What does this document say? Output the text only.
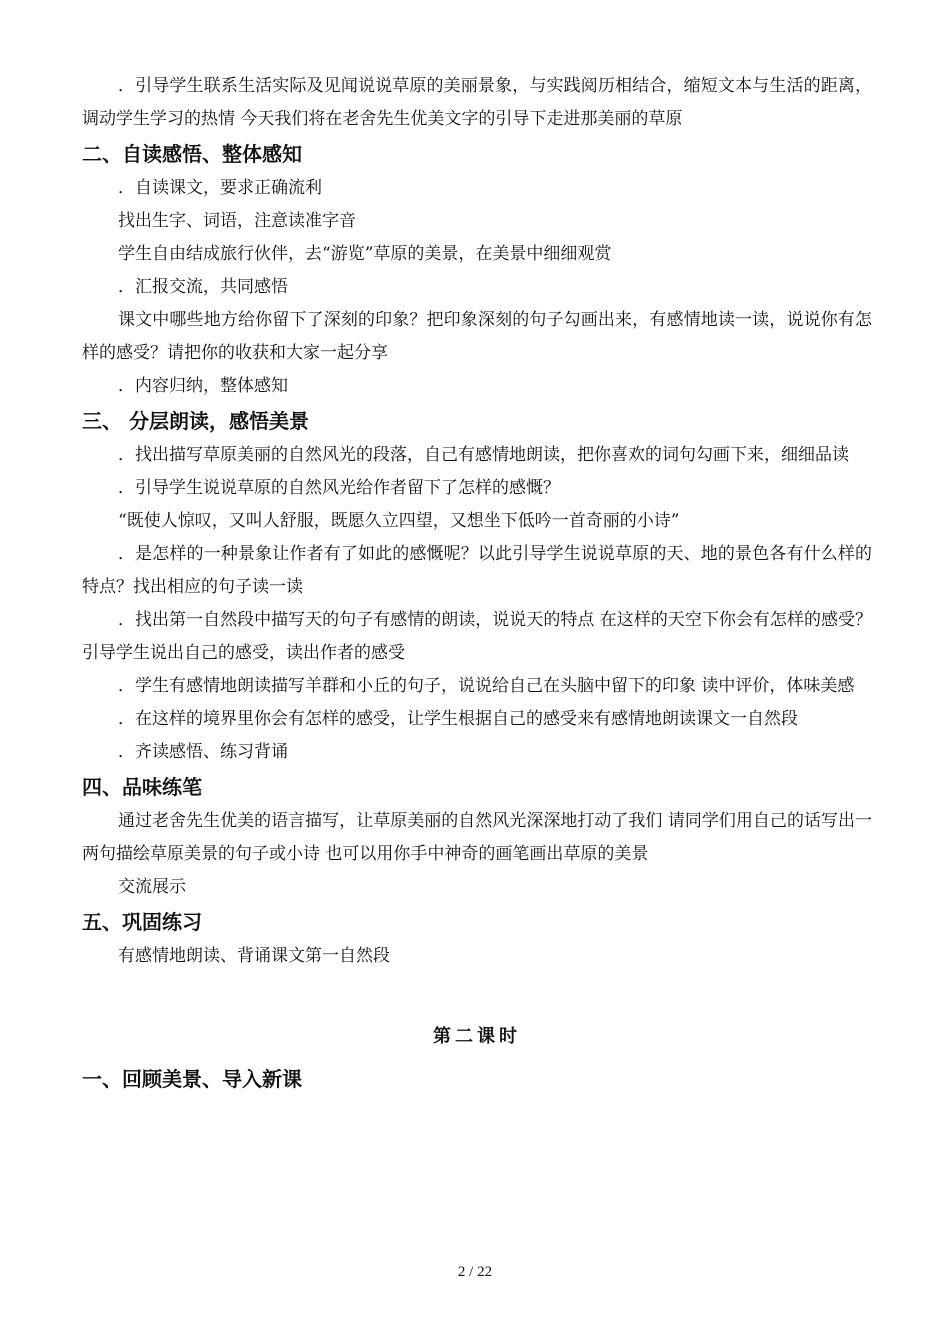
．引导学生联系生活实际及见闻说说草原的美丽景象，与实践阅历相结合，缩短文本与生活的距离，调动学生学习的热情 今天我们将在老舍先生优美文字的引导下走进那美丽的草原

二、自读感悟、整体感知

．自读课文，要求正确流利

找出生字、词语，注意读准字音

学生自由结成旅行伙伴，去“游览”草原的美景，在美景中细细观赏

．汇报交流，共同感悟

课文中哪些地方给你留下了深刻的印象？把印象深刻的句子勾画出来，有感情地读一读，说说你有怎样的感受？请把你的收获和大家一起分享

．内容归纳，整体感知

三、 分层朗读，感悟美景

．找出描写草原美丽的自然风光的段落，自己有感情地朗读，把你喜欢的词句勾画下来，细细品读

．引导学生说说草原的自然风光给作者留下了怎样的感慨？

“既使人惊叹，又叫人舒服，既愿久立四望，又想坐下低吟一首奇丽的小诗”

．是怎样的一种景象让作者有了如此的感慨呢？以此引导学生说说草原的天、地的景色各有什么样的特点？找出相应的句子读一读

．找出第一自然段中描写天的句子有感情的朗读，说说天的特点 在这样的天空下你会有怎样的感受？引导学生说出自己的感受，读出作者的感受

．学生有感情地朗读描写羊群和小丘的句子，说说给自己在头脑中留下的印象 读中评价，体味美感

．在这样的境界里你会有怎样的感受，让学生根据自己的感受来有感情地朗读课文一自然段

．齐读感悟、练习背诵

四、品味练笔

通过老舍先生优美的语言描写，让草原美丽的自然风光深深地打动了我们 请同学们用自己的话写出一两句描绘草原美景的句子或小诗 也可以用你手中神奇的画笔画出草原的美景

交流展示

五、巩固练习

有感情地朗读、背诵课文第一自然段

第二课时
一、回顾美景、导入新课
2 / 22
